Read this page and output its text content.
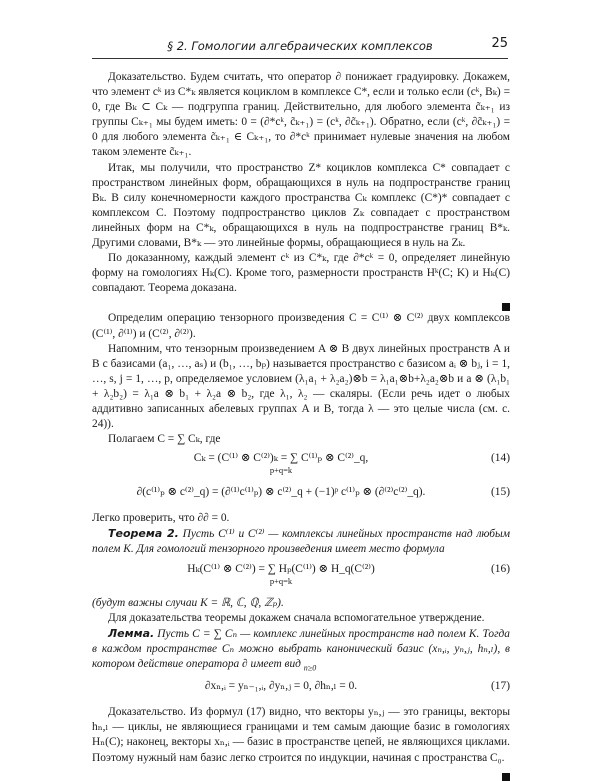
§ 2. Гомологии алгебраических комплексов	25

Доказательство. Будем считать, что оператор ∂ понижает градуировку. Докажем, что элемент cᵏ из C*ₖ является коциклом в комплексе C*, если и только если (cᵏ, Bₖ) = 0, где Bₖ ⊂ Cₖ — подгруппа границ. Действительно, для любого элемента c̃ₖ₊₁ из группы Cₖ₊₁ мы будем иметь: 0 = (∂*cᵏ, c̃ₖ₊₁) = (cᵏ, ∂c̃ₖ₊₁). Обратно, если (cᵏ, ∂c̃ₖ₊₁) = 0 для любого элемента c̃ₖ₊₁ ∈ Cₖ₊₁, то ∂*cᵏ принимает нулевые значения на любом таком элементе c̃ₖ₊₁.

Итак, мы получили, что пространство Z* коциклов комплекса C* совпадает с пространством линейных форм, обращающихся в нуль на подпространстве границ Bₖ. В силу конечномерности каждого пространства Cₖ комплекс (C*)* совпадает с комплексом C. Поэтому подпространство циклов Zₖ совпадает с пространством линейных форм на C*ₖ, обращающихся в нуль на подпространстве границ B*ₖ. Другими словами, B*ₖ — это линейные формы, обращающиеся в нуль на Zₖ.

По доказанному, каждый элемент cᵏ из C*ₖ, где ∂*cᵏ = 0, определяет линейную форму на гомологиях Hₖ(C). Кроме того, размерности пространств Hᵏ(C; K) и Hₖ(C) совпадают. Теорема доказана.

Определим операцию тензорного произведения C = C⁽¹⁾ ⊗ C⁽²⁾ двух комплексов (C⁽¹⁾, ∂⁽¹⁾) и (C⁽²⁾, ∂⁽²⁾).

Напомним, что тензорным произведением A ⊗ B двух линейных пространств A и B с базисами (a₁, …, aₛ) и (b₁, …, bₚ) называется пространство с базисом aᵢ ⊗ bⱼ, i = 1, …, s, j = 1, …, p, определяемое условием (λ₁a₁ + λ₂a₂)⊗b = λ₁a₁⊗b+λ₂a₂⊗b и a ⊗ (λ₁b₁ + λ₂b₂) = λ₁a ⊗ b₁ + λ₂a ⊗ b₂, где λ₁, λ₂ — скаляры. (Если речь идет о любых аддитивно записанных абелевых группах A и B, тогда λ — это целые числа (см. с. 24)).

Полагаем C = ∑ Cₖ, где

Cₖ = (C⁽¹⁾ ⊗ C⁽²⁾)ₖ = ∑ C⁽¹⁾ₚ ⊗ C⁽²⁾_q,
p+q=k
(14)
∂(c⁽¹⁾ₚ ⊗ c⁽²⁾_q) = (∂⁽¹⁾c⁽¹⁾ₚ) ⊗ c⁽²⁾_q + (−1)ᵖ c⁽¹⁾ₚ ⊗ (∂⁽²⁾c⁽²⁾_q).	(15)

Легко проверить, что ∂∂ = 0.

Теорема 2. Пусть C⁽¹⁾ и C⁽²⁾ — комплексы линейных пространств над любым полем K. Для гомологий тензорного произведения имеет место формула

Hₖ(C⁽¹⁾ ⊗ C⁽²⁾) = ∑ Hₚ(C⁽¹⁾) ⊗ H_q(C⁽²⁾)
p+q=k
(16)

(будут важны случаи K = ℝ, ℂ, ℚ, ℤₚ).

Для доказательства теоремы докажем сначала вспомогательное утверждение.

Лемма. Пусть C = ∑ Cₙ — комплекс линейных пространств над полем K. Тогда в каждом пространстве Cₙ можно выбрать канонический базис (xₙ,ᵢ, yₙ,ⱼ, hₙ,ₗ), в котором действие оператора ∂ имеет вид $_{n\ge 0}$

∂xₙ,ᵢ = yₙ₋₁,ᵢ, ∂yₙ,ⱼ = 0, ∂hₙ,ₗ = 0.	(17)

Доказательство. Из формул (17) видно, что векторы yₙ,ⱼ — это границы, векторы hₙ,ₗ — циклы, не являющиеся границами и тем самым дающие базис в гомологиях Hₙ(C); наконец, векторы xₙ,ᵢ — базис в пространстве цепей, не являющихся циклами. Поэтому нужный нам базис легко строится по индукции, начиная с пространства C₀.
